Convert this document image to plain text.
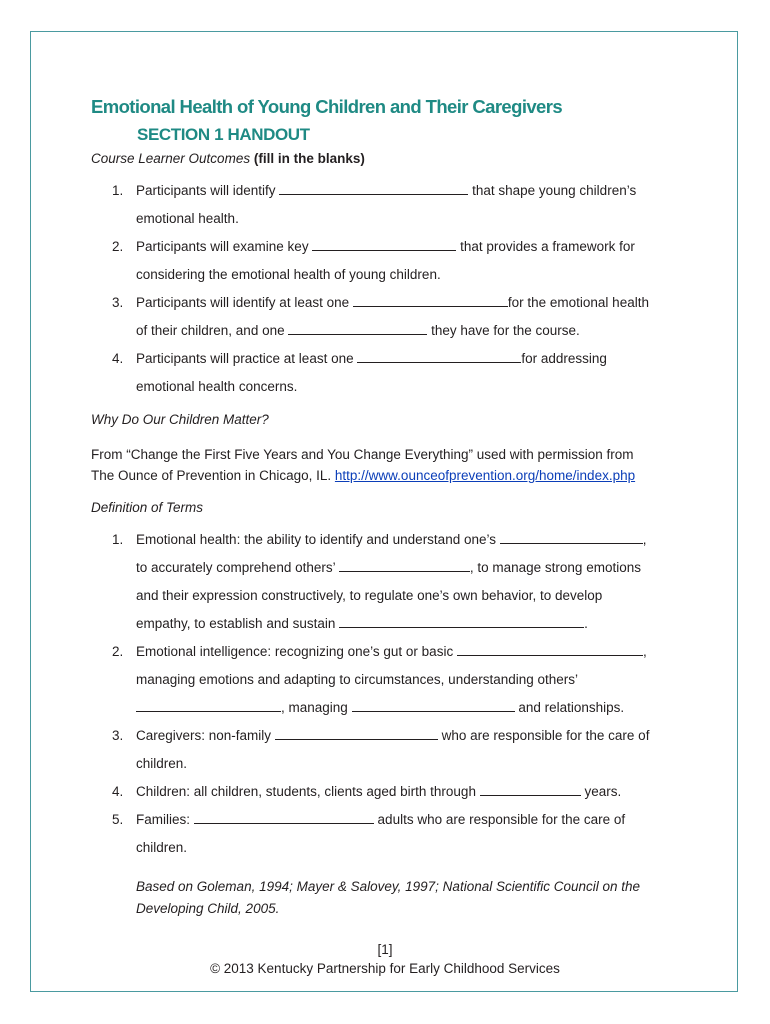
Emotional Health of Young Children and Their Caregivers
SECTION 1 HANDOUT
Course Learner Outcomes (fill in the blanks)
1. Participants will identify	that shape young children’s
emotional health.
2. Participants will examine key	that provides a framework for
considering the emotional health of young children.
3. Participants will identify at least one	for the emotional health
of their children, and one	they have for the course.
4. Participants will practice at least one	for addressing
emotional health concerns.
Why Do Our Children Matter?
From “Change the First Five Years and You Change Everything” used with permission from
The Ounce of Prevention in Chicago, IL. http://www.ounceofprevention.org/home/index.php
Definition of Terms
1. Emotional health: the ability to identify and understand one’s	,
to accurately comprehend others’	, to manage strong emotions
and their expression constructively, to regulate one’s own behavior, to develop
empathy, to establish and sustain	.
2. Emotional intelligence: recognizing one’s gut or basic	,
managing emotions and adapting to circumstances, understanding others’
, managing	and relationships.
3. Caregivers: non-family	who are responsible for the care of
children.
4. Children: all children, students, clients aged birth through	years.
5. Families:	adults who are responsible for the care of
children.
Based on Goleman, 1994; Mayer & Salovey, 1997; National Scientific Council on the
Developing Child, 2005.
[1]
© 2013 Kentucky Partnership for Early Childhood Services
